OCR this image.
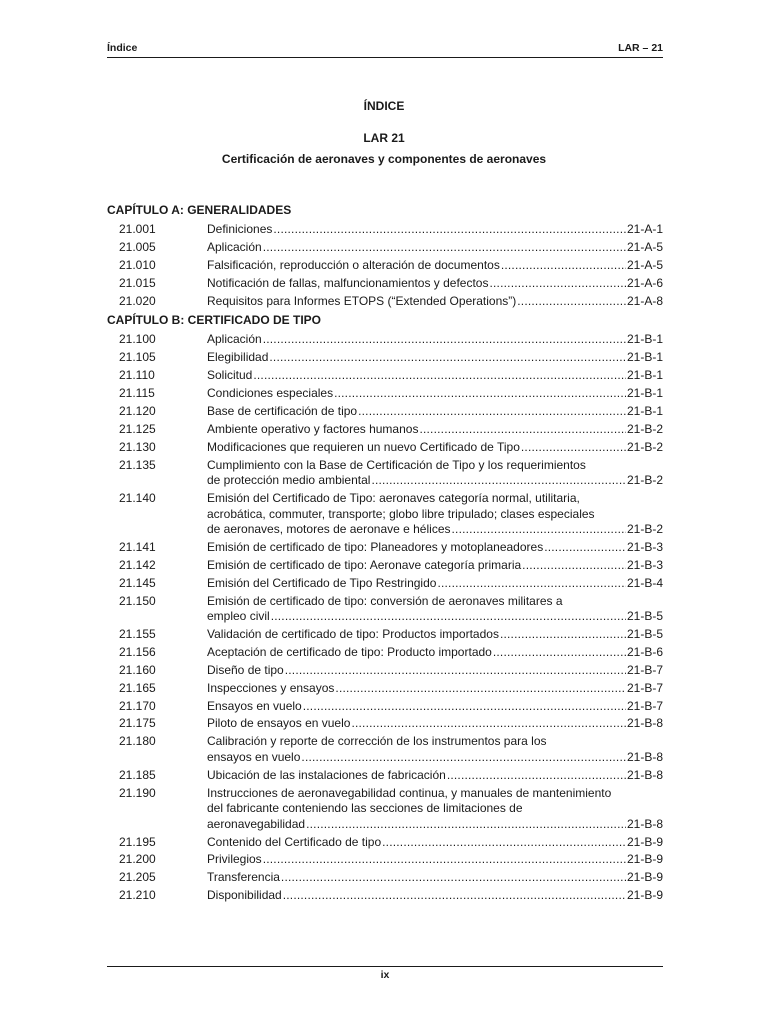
Índice	LAR – 21
ÍNDICE
LAR 21
Certificación de aeronaves y componentes de aeronaves
CAPÍTULO A: GENERALIDADES
21.001	Definiciones .....	21-A-1
21.005	Aplicación .....	21-A-5
21.010	Falsificación, reproducción o alteración de documentos .....	21-A-5
21.015	Notificación de fallas, malfuncionamientos y defectos .....	21-A-6
21.020	Requisitos para Informes ETOPS (“Extended Operations”) .....	21-A-8
CAPÍTULO B: CERTIFICADO DE TIPO
21.100	Aplicación .....	21-B-1
21.105	Elegibilidad .....	21-B-1
21.110	Solicitud .....	21-B-1
21.115	Condiciones especiales .....	21-B-1
21.120	Base de certificación de tipo .....	21-B-1
21.125	Ambiente operativo y factores humanos .....	21-B-2
21.130	Modificaciones que requieren un nuevo Certificado de Tipo .....	21-B-2
21.135	Cumplimiento con la Base de Certificación de Tipo y los requerimientos
de protección medio ambiental .....	21-B-2
21.140	Emisión del Certificado de Tipo: aeronaves categoría normal, utilitaria,
acrobática, commuter, transporte; globo libre tripulado; clases especiales
de aeronaves, motores de aeronave e hélices .....	21-B-2
21.141	Emisión de certificado de tipo: Planeadores y motoplaneadores .....	21-B-3
21.142	Emisión de certificado de tipo: Aeronave categoría primaria .....	21-B-3
21.145	Emisión del Certificado de Tipo Restringido .....	21-B-4
21.150	Emisión de certificado de tipo: conversión de aeronaves militares a
empleo civil .....	21-B-5
21.155	Validación de certificado de tipo: Productos importados .....	21-B-5
21.156	Aceptación de certificado de tipo: Producto importado .....	21-B-6
21.160	Diseño de tipo .....	21-B-7
21.165	Inspecciones y ensayos .....	21-B-7
21.170	Ensayos en vuelo .....	21-B-7
21.175	Piloto de ensayos en vuelo .....	21-B-8
21.180	Calibración y reporte de corrección de los instrumentos para los
ensayos en vuelo .....	21-B-8
21.185	Ubicación de las instalaciones de fabricación .....	21-B-8
21.190	Instrucciones de aeronavegabilidad continua, y manuales de mantenimiento
del fabricante conteniendo las secciones de limitaciones de
aeronavegabilidad .....	21-B-8
21.195	Contenido del Certificado de tipo .....	21-B-9
21.200	Privilegios .....	21-B-9
21.205	Transferencia .....	21-B-9
21.210	Disponibilidad .....	21-B-9
ix
